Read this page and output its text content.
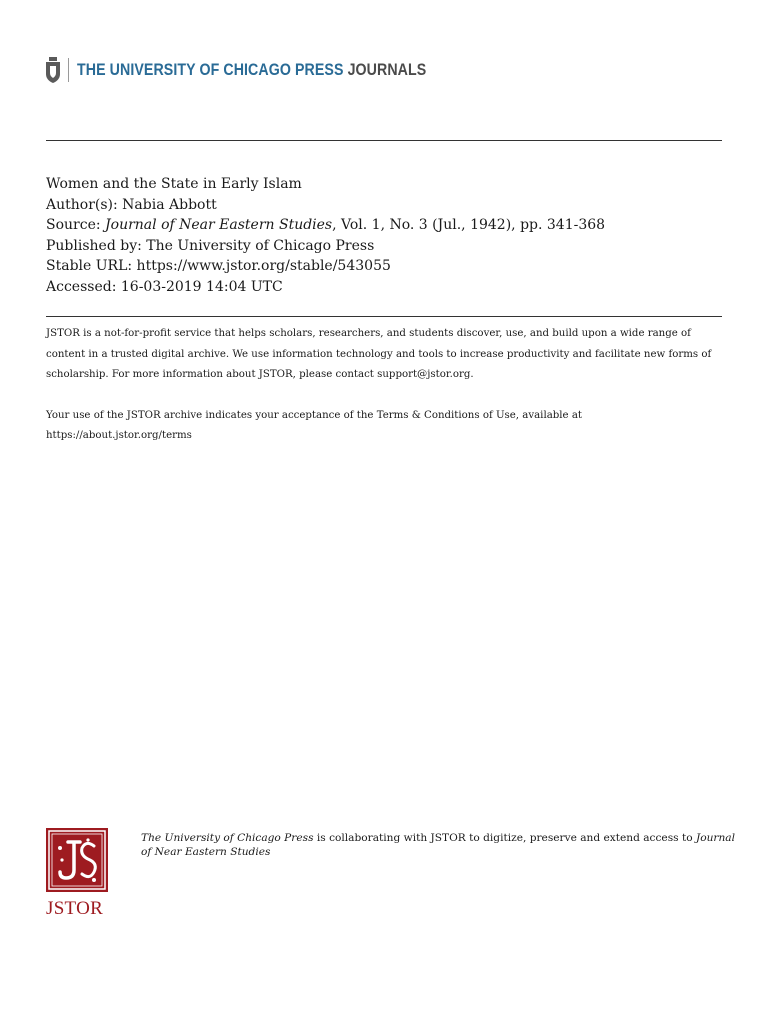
THE UNIVERSITY OF CHICAGO PRESS JOURNALS
Women and the State in Early Islam
Author(s): Nabia Abbott
Source: Journal of Near Eastern Studies, Vol. 1, No. 3 (Jul., 1942), pp. 341-368
Published by: The University of Chicago Press
Stable URL: https://www.jstor.org/stable/543055
Accessed: 16-03-2019 14:04 UTC

JSTOR is a not-for-profit service that helps scholars, researchers, and students discover, use, and build upon a wide range of content in a trusted digital archive. We use information technology and tools to increase productivity and facilitate new forms of scholarship. For more information about JSTOR, please contact support@jstor.org.

Your use of the JSTOR archive indicates your acceptance of the Terms & Conditions of Use, available at https://about.jstor.org/terms

JSTOR

The University of Chicago Press is collaborating with JSTOR to digitize, preserve and extend access to Journal of Near Eastern Studies
